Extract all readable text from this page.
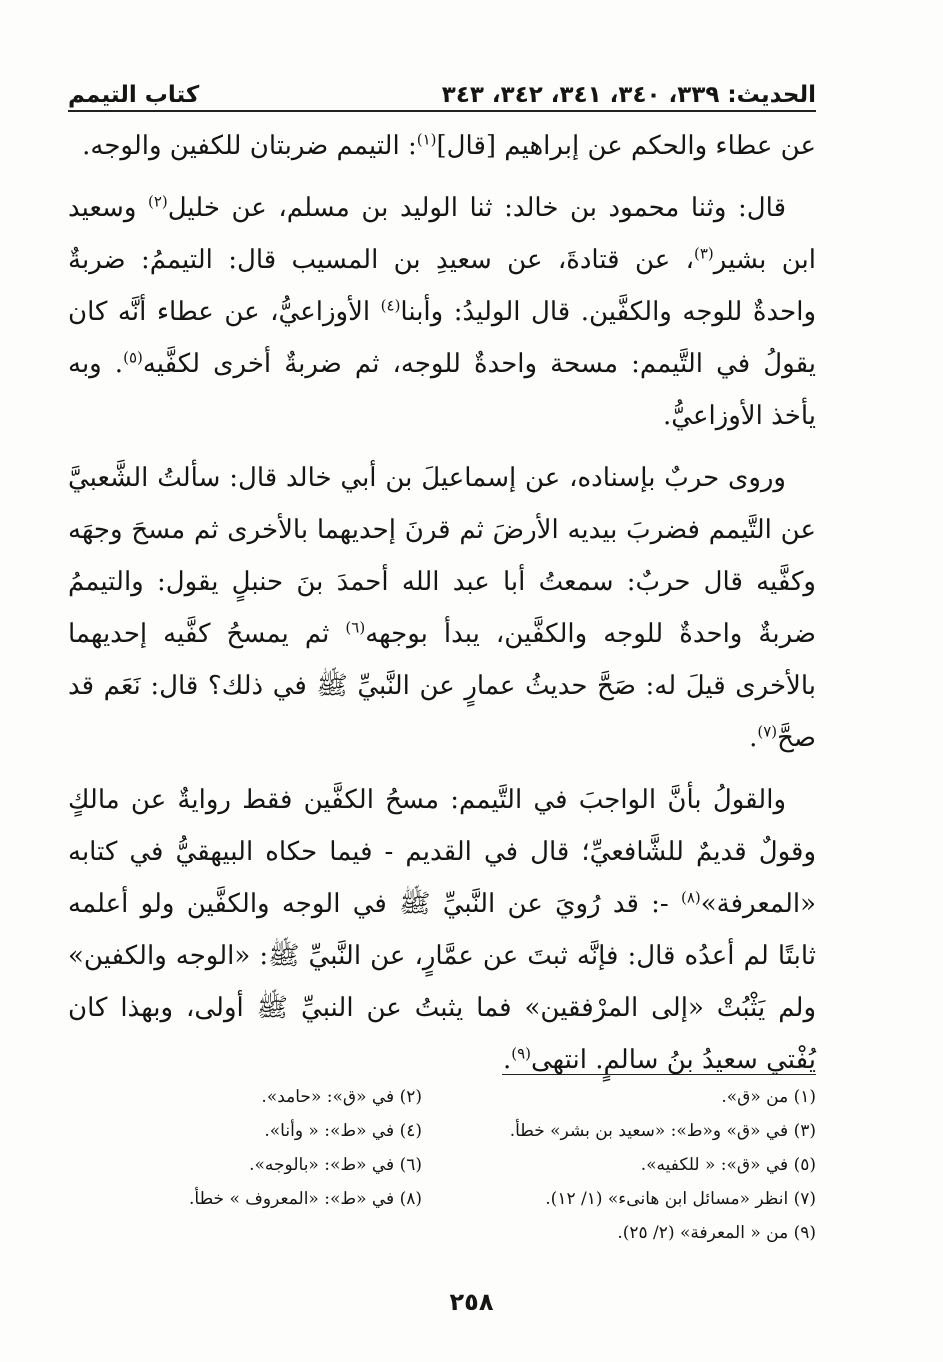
الحديث: ٣٣٩، ٣٤٠، ٣٤١، ٣٤٢، ٣٤٣
كتاب التيمم

عن عطاء والحكم عن إبراهيم [قال]$^{(١)}$: التيمم ضربتان للكفين والوجه.

قال: وثنا محمود بن خالد: ثنا الوليد بن مسلم، عن خليل$^{(٢)}$ وسعيد ابن بشير$^{(٣)}$، عن قتادةَ، عن سعيدِ بن المسيب قال: التيممُ: ضربةٌ واحدةٌ للوجه والكفَّين. قال الوليدُ: وأبنا$^{(٤)}$ الأوزاعيُّ، عن عطاء أنَّه كان يقولُ في التَّيمم: مسحة واحدةٌ للوجه، ثم ضربةٌ أخرى لكفَّيه$^{(٥)}$. وبه يأخذ الأوزاعيُّ.

وروى حربٌ بإسناده، عن إسماعيلَ بن أبي خالد قال: سألتُ الشَّعبيَّ عن التَّيمم فضربَ بيديه الأرضَ ثم قرنَ إحديهما بالأخرى ثم مسحَ وجهَه وكفَّيه قال حربٌ: سمعتُ أبا عبد الله أحمدَ بنَ حنبلٍ يقول: والتيممُ ضربةٌ واحدةٌ للوجه والكفَّين، يبدأ بوجهه$^{(٦)}$ ثم يمسحُ كفَّيه إحديهما بالأخرى قيلَ له: صَحَّ حديثُ عمارٍ عن النَّبيِّ ﷺ في ذلك؟ قال: نَعَم قد صحَّ$^{(٧)}$.

والقولُ بأنَّ الواجبَ في التَّيمم: مسحُ الكفَّين فقط روايةٌ عن مالكٍ وقولٌ قديمٌ للشَّافعيِّ؛ قال في القديم - فيما حكاه البيهقيُّ في كتابه «المعرفة»$^{(٨)}$ -: قد رُويَ عن النَّبيِّ ﷺ في الوجه والكفَّين ولو أعلمه ثابتًا لم أعدُه قال: فإنَّه ثبتَ عن عمَّارٍ، عن النَّبيِّ ﷺ: «الوجه والكفين» ولم يَثْبُتْ «إلى المرْفقين» فما يثبتُ عن النبيِّ ﷺ أولى، وبهذا كان يُفْتي سعيدُ بنُ سالمٍ. انتهى$^{(٩)}$.

(١) من «ق».
(٢) في «ق»: «حامد».
(٣) في «ق» و«ط»: «سعيد بن بشر» خطأ.
(٤) في «ط»: « وأنا».
(٥) في «ق»: « للكفيه».
(٦) في «ط»: «بالوجه».
(٧) انظر «مسائل ابن هانىء» (١/ ١٢).
(٨) في «ط»: «المعروف » خطأ.
(٩) من « المعرفة» (٢/ ٢٥).
٢٥٨
